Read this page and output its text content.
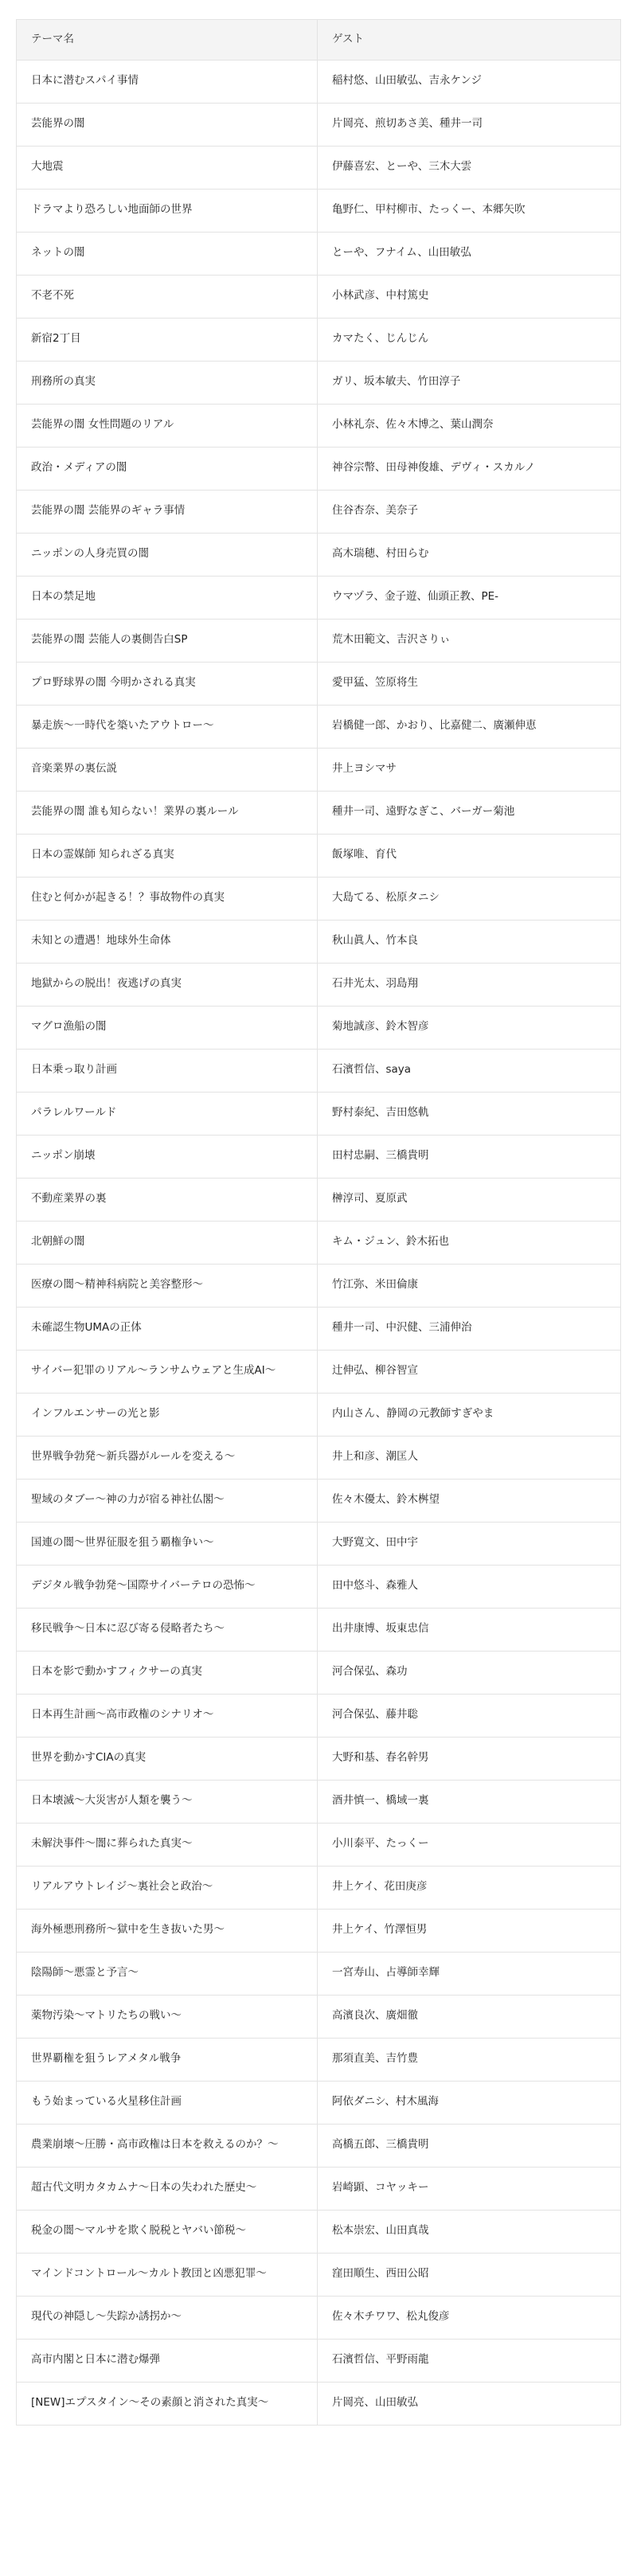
テーマ名	ゲスト
日本に潜むスパイ事情	稲村悠、山田敏弘、吉永ケンジ
芸能界の闇	片岡亮、煎切あさ美、種井一司
大地震	伊藤喜宏、とーや、三木大雲
ドラマより恐ろしい地面師の世界	亀野仁、甲村柳市、たっくー、本郷矢吹
ネットの闇	とーや、フナイム、山田敏弘
不老不死	小林武彦、中村篤史
新宿2丁目	カマたく、じんじん
刑務所の真実	ガリ、坂本敏夫、竹田淳子
芸能界の闇 女性問題のリアル	小林礼奈、佐々木博之、葉山潤奈
政治・メディアの闇	神谷宗幣、田母神俊雄、デヴィ・スカルノ
芸能界の闇 芸能界のギャラ事情	住谷杏奈、美奈子
ニッポンの人身売買の闇	高木瑞穂、村田らむ
日本の禁足地	ウマヅラ、金子遊、仙頭正教、PE-
芸能界の闇 芸能人の裏側告白SP	荒木田範文、吉沢さりぃ
プロ野球界の闇 今明かされる真実	愛甲猛、笠原将生
暴走族〜一時代を築いたアウトロー〜	岩橋健一郎、かおり、比嘉健二、廣瀬伸恵
音楽業界の裏伝説	井上ヨシマサ
芸能界の闇 誰も知らない！業界の裏ルール	種井一司、遠野なぎこ、バーガー菊池
日本の霊媒師 知られざる真実	飯塚唯、育代
住むと何かが起きる！？事故物件の真実	大島てる、松原タニシ
未知との遭遇！地球外生命体	秋山眞人、竹本良
地獄からの脱出！夜逃げの真実	石井光太、羽島翔
マグロ漁船の闇	菊地誠彦、鈴木智彦
日本乗っ取り計画	石濱哲信、saya
パラレルワールド	野村泰紀、吉田悠軌
ニッポン崩壊	田村忠嗣、三橋貴明
不動産業界の裏	榊淳司、夏原武
北朝鮮の闇	キム・ジュン、鈴木拓也
医療の闇〜精神科病院と美容整形〜	竹江弥、米田倫康
未確認生物UMAの正体	種井一司、中沢健、三浦伸治
サイバー犯罪のリアル〜ランサムウェアと生成AI〜	辻伸弘、柳谷智宣
インフルエンサーの光と影	内山さん、静岡の元教師すぎやま
世界戦争勃発〜新兵器がルールを変える〜	井上和彦、潮匡人
聖域のタブー〜神の力が宿る神社仏閣〜	佐々木優太、鈴木桝望
国連の闇〜世界征服を狙う覇権争い〜	大野寛文、田中宇
デジタル戦争勃発〜国際サイバーテロの恐怖〜	田中悠斗、森雅人
移民戦争〜日本に忍び寄る侵略者たち〜	出井康博、坂東忠信
日本を影で動かすフィクサーの真実	河合保弘、森功
日本再生計画〜高市政権のシナリオ〜	河合保弘、藤井聡
世界を動かすCIAの真実	大野和基、春名幹男
日本壊滅〜大災害が人類を襲う〜	酒井慎一、橋域一裏
未解決事件〜闇に葬られた真実〜	小川泰平、たっくー
リアルアウトレイジ〜裏社会と政治〜	井上ケイ、花田庚彦
海外極悪刑務所〜獄中を生き抜いた男〜	井上ケイ、竹澤恒男
陰陽師〜悪霊と予言〜	一宮寿山、占導師幸輝
薬物汚染〜マトリたちの戦い〜	高濱良次、廣畑徹
世界覇権を狙うレアメタル戦争	那須直美、吉竹豊
もう始まっている火星移住計画	阿依ダニシ、村木風海
農業崩壊〜圧勝・高市政権は日本を救えるのか？〜	高橋五郎、三橋貴明
超古代文明カタカムナ〜日本の失われた歴史〜	岩崎顕、コヤッキー
税金の闇〜マルサを欺く脱税とヤバい節税〜	松本崇宏、山田真哉
マインドコントロール〜カルト教団と凶悪犯罪〜	窪田順生、西田公昭
現代の神隠し〜失踪か誘拐か〜	佐々木チワワ、松丸俊彦
高市内閣と日本に潜む爆弾	石濱哲信、平野雨龍
[NEW]エプスタイン〜その素顔と消された真実〜	片岡亮、山田敏弘
